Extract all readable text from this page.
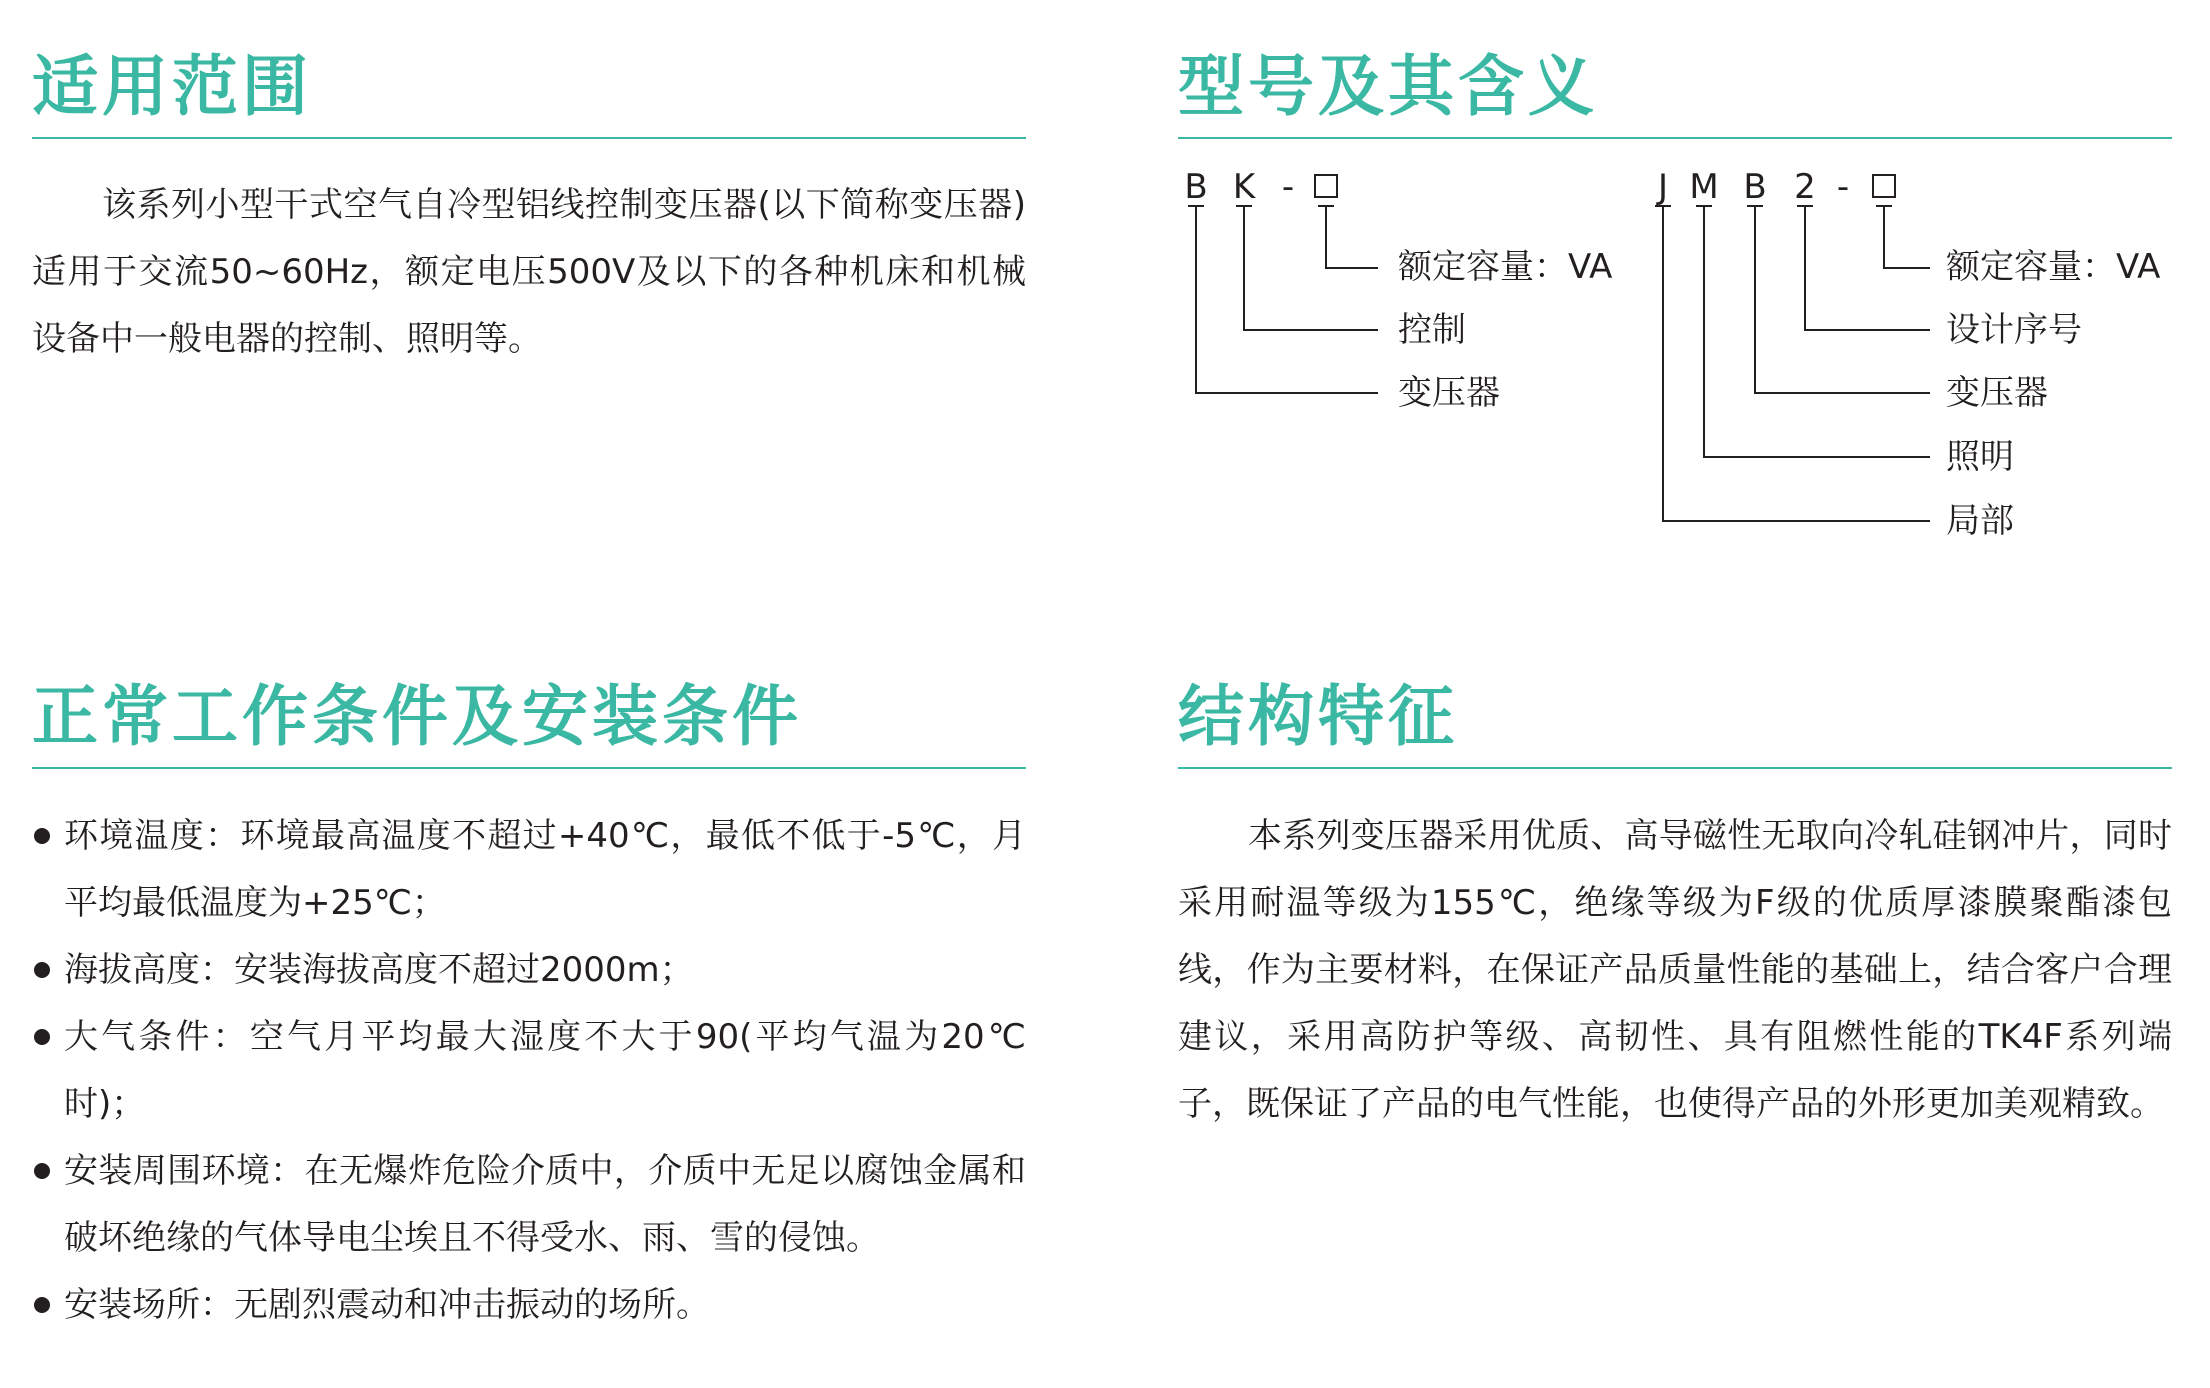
适用范围

该系列小型干式空气自冷型铝线控制变压器(以下简称变压器)适用于交流50~60Hz，额定电压500V及以下的各种机床和机械设备中一般电器的控制、照明等。

型号及其含义
B K -
额定容量：VA
控制
变压器
J M B 2 -
额定容量：VA
设计序号
变压器
照明
局部
正常工作条件及安装条件
环境温度：环境最高温度不超过+40℃，最低不低于-5℃，月平均最低温度为+25℃；
海拔高度：安装海拔高度不超过2000m；
大气条件：空气月平均最大湿度不大于90(平均气温为20℃时)；
安装周围环境：在无爆炸危险介质中，介质中无足以腐蚀金属和破坏绝缘的气体导电尘埃且不得受水、雨、雪的侵蚀。
安装场所：无剧烈震动和冲击振动的场所。
结构特征

本系列变压器采用优质、高导磁性无取向冷轧硅钢冲片，同时采用耐温等级为155℃，绝缘等级为F级的优质厚漆膜聚酯漆包线，作为主要材料，在保证产品质量性能的基础上，结合客户合理建议，采用高防护等级、高韧性、具有阻燃性能的TK4F系列端子，既保证了产品的电气性能，也使得产品的外形更加美观精致。
